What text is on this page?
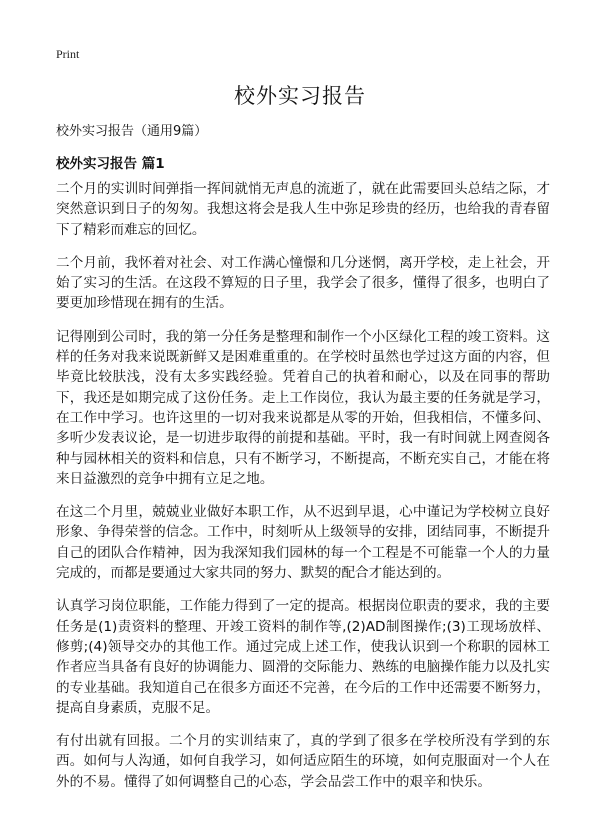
Print
校外实习报告

校外实习报告（通用9篇）

校外实习报告 篇1

二个月的实训时间弹指一挥间就悄无声息的流逝了，就在此需要回头总结之际，才突然意识到日子的匆匆。我想这将会是我人生中弥足珍贵的经历，也给我的青春留下了精彩而难忘的回忆。

二个月前，我怀着对社会、对工作满心憧憬和几分迷惘，离开学校，走上社会，开始了实习的生活。在这段不算短的日子里，我学会了很多，懂得了很多，也明白了要更加珍惜现在拥有的生活。

记得刚到公司时，我的第一分任务是整理和制作一个小区绿化工程的竣工资料。这样的任务对我来说既新鲜又是困难重重的。在学校时虽然也学过这方面的内容，但毕竟比较肤浅，没有太多实践经验。凭着自己的执着和耐心，以及在同事的帮助下，我还是如期完成了这份任务。走上工作岗位，我认为最主要的任务就是学习，在工作中学习。也许这里的一切对我来说都是从零的开始，但我相信，不懂多问、多听少发表议论，是一切进步取得的前提和基础。平时，我一有时间就上网查阅各种与园林相关的资料和信息，只有不断学习，不断提高，不断充实自己，才能在将来日益激烈的竞争中拥有立足之地。

在这二个月里，兢兢业业做好本职工作，从不迟到早退，心中谨记为学校树立良好形象、争得荣誉的信念。工作中，时刻听从上级领导的安排，团结同事，不断提升自己的团队合作精神，因为我深知我们园林的每一个工程是不可能靠一个人的力量完成的，而都是要通过大家共同的努力、默契的配合才能达到的。

认真学习岗位职能，工作能力得到了一定的提高。根据岗位职责的要求，我的主要任务是(1)责资料的整理、开竣工资料的制作等,(2)AD制图操作;(3)工现场放样、修剪;(4)领导交办的其他工作。通过完成上述工作，使我认识到一个称职的园林工作者应当具备有良好的协调能力、圆滑的交际能力、熟练的电脑操作能力以及扎实的专业基础。我知道自己在很多方面还不完善，在今后的工作中还需要不断努力，提高自身素质，克服不足。

有付出就有回报。二个月的实训结束了，真的学到了很多在学校所没有学到的东西。如何与人沟通，如何自我学习，如何适应陌生的环境，如何克服面对一个人在外的不易。懂得了如何调整自己的心态，学会品尝工作中的艰辛和快乐。
